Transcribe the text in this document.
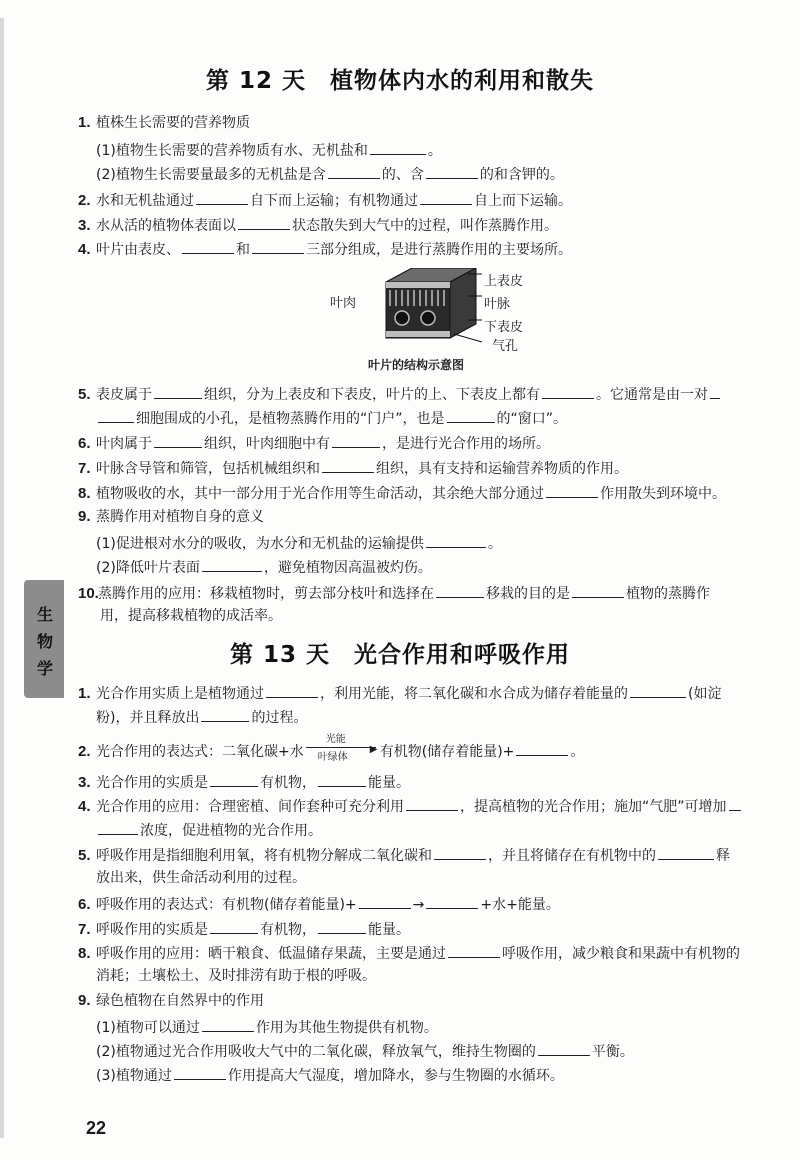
第 12 天 植物体内水的利用和散失
1. 植株生长需要的营养物质
(1)植物生长需要的营养物质有水、无机盐和	。
(2)植物生长需要量最多的无机盐是含	的、含	的和含钾的。
2. 水和无机盐通过	自下而上运输；有机物通过	自上而下运输。
3. 水从活的植物体表面以	状态散失到大气中的过程，叫作蒸腾作用。
4. 叶片由表皮、	和	三部分组成，是进行蒸腾作用的主要场所。
叶肉
上表皮
叶脉
下表皮
气孔
叶片的结构示意图
5. 表皮属于	组织，分为上表皮和下表皮，叶片的上、下表皮上都有	。它通常是由一对
细胞围成的小孔，是植物蒸腾作用的“门户”，也是	的“窗口”。
6. 叶肉属于	组织，叶肉细胞中有	，是进行光合作用的场所。
7. 叶脉含导管和筛管，包括机械组织和	组织，具有支持和运输营养物质的作用。
8. 植物吸收的水，其中一部分用于光合作用等生命活动，其余绝大部分通过	作用散失到环境中。
9. 蒸腾作用对植物自身的意义
(1)促进根对水分的吸收，为水分和无机盐的运输提供	。
(2)降低叶片表面	，避免植物因高温被灼伤。
10.蒸腾作用的应用：移栽植物时，剪去部分枝叶和选择在	移栽的目的是	植物的蒸腾作
用，提高移栽植物的成活率。
生
物
学
第 13 天 光合作用和呼吸作用
1. 光合作用实质上是植物通过	，利用光能，将二氧化碳和水合成为储存着能量的	(如淀
粉)，并且释放出	的过程。
2. 光合作用的表达式：二氧化碳+水
光能
▶
叶绿体 有机物(储存着能量)+	。
3. 光合作用的实质是	有机物，	能量。
4. 光合作用的应用：合理密植、间作套种可充分利用	，提高植物的光合作用；施加“气肥”可增加
浓度，促进植物的光合作用。
5. 呼吸作用是指细胞利用氧，将有机物分解成二氧化碳和	，并且将储存在有机物中的	释
放出来，供生命活动利用的过程。
6. 呼吸作用的表达式：有机物(储存着能量)+	→	+水+能量。
7. 呼吸作用的实质是	有机物，	能量。
8. 呼吸作用的应用：晒干粮食、低温储存果蔬，主要是通过	呼吸作用，减少粮食和果蔬中有机物的
消耗；土壤松土、及时排涝有助于根的呼吸。
9. 绿色植物在自然界中的作用
(1)植物可以通过	作用为其他生物提供有机物。
(2)植物通过光合作用吸收大气中的二氧化碳，释放氧气，维持生物圈的	平衡。
(3)植物通过	作用提高大气湿度，增加降水，参与生物圈的水循环。
22
